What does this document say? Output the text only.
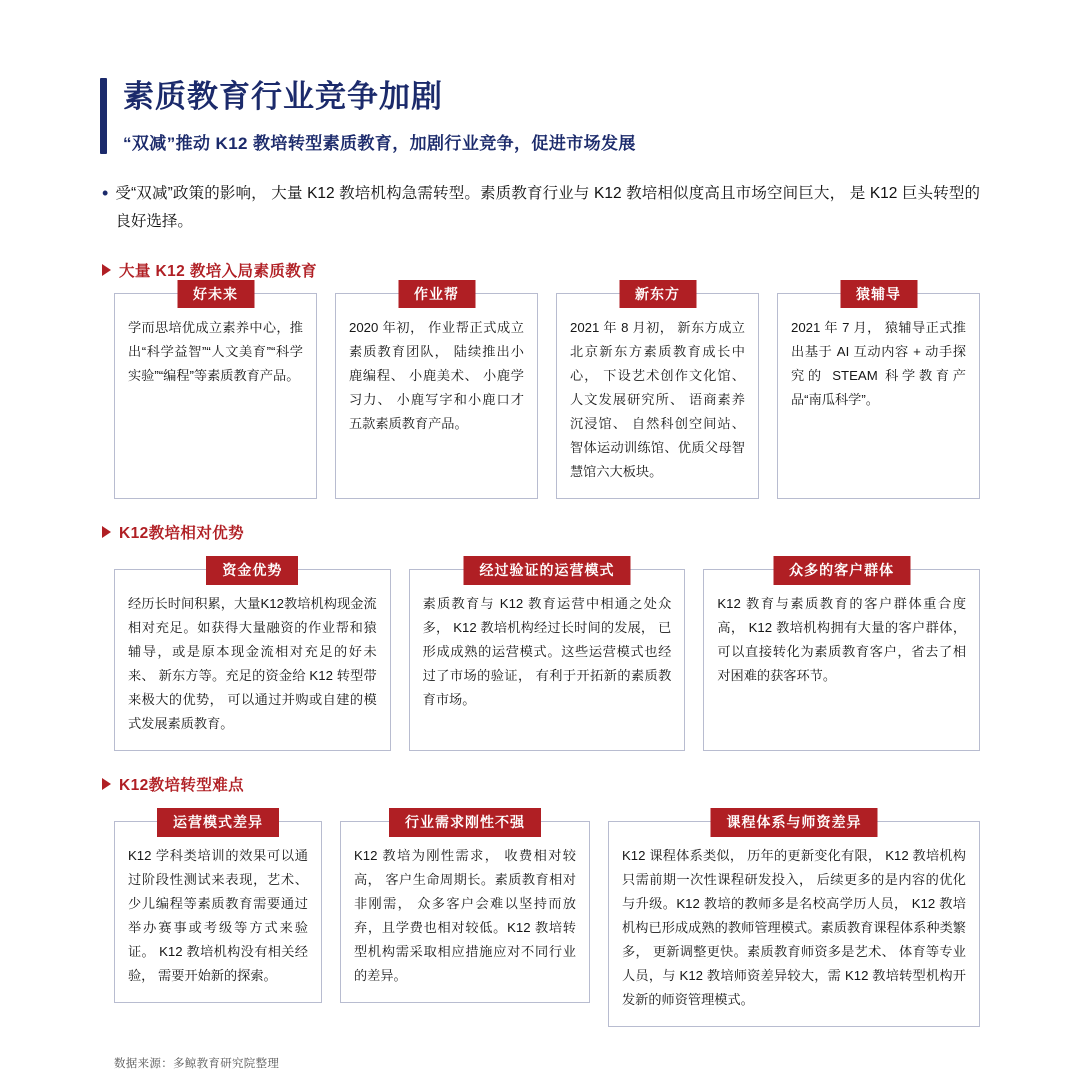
素质教育行业竞争加剧
“双减”推动 K12 教培转型素质教育，加剧行业竞争，促进市场发展
• 受“双减”政策的影响， 大量 K12 教培机构急需转型。素质教育行业与 K12 教培相似度高且市场空间巨大， 是 K12 巨头转型的良好选择。
大量 K12 教培入局素质教育
好未来
学而思培优成立素养中心，推出“科学益智”“人文美育”“科学实验”“编程”等素质教育产品。
作业帮
2020 年初， 作业帮正式成立素质教育团队， 陆续推出小鹿编程、 小鹿美术、 小鹿学习力、 小鹿写字和小鹿口才五款素质教育产品。
新东方
2021 年 8 月初， 新东方成立北京新东方素质教育成长中心， 下设艺术创作文化馆、 人文发展研究所、 语商素养沉浸馆、 自然科创空间站、 智体运动训练馆、优质父母智慧馆六大板块。
猿辅导
2021 年 7 月， 猿辅导正式推出基于 AI 互动内容 + 动手探究的 STEAM 科学教育产品“南瓜科学”。
K12教培相对优势
资金优势
经历长时间积累，大量K12教培机构现金流相对充足。如获得大量融资的作业帮和猿辅导，或是原本现金流相对充足的好未来、 新东方等。充足的资金给 K12 转型带来极大的优势， 可以通过并购或自建的模式发展素质教育。
经过验证的运营模式
素质教育与 K12 教育运营中相通之处众多， K12 教培机构经过长时间的发展， 已形成成熟的运营模式。这些运营模式也经过了市场的验证， 有利于开拓新的素质教育市场。
众多的客户群体
K12 教育与素质教育的客户群体重合度高， K12 教培机构拥有大量的客户群体，可以直接转化为素质教育客户，省去了相对困难的获客环节。
K12教培转型难点
运营模式差异
K12 学科类培训的效果可以通过阶段性测试来表现，艺术、 少儿编程等素质教育需要通过举办赛事或考级等方式来验证。 K12 教培机构没有相关经验， 需要开始新的探索。
行业需求刚性不强
K12 教培为刚性需求， 收费相对较高， 客户生命周期长。素质教育相对非刚需， 众多客户会难以坚持而放弃，且学费也相对较低。K12 教培转型机构需采取相应措施应对不同行业的差异。
课程体系与师资差异
K12 课程体系类似， 历年的更新变化有限， K12 教培机构只需前期一次性课程研发投入， 后续更多的是内容的优化与升级。K12 教培的教师多是名校高学历人员， K12 教培机构已形成成熟的教师管理模式。素质教育课程体系种类繁多， 更新调整更快。素质教育师资多是艺术、 体育等专业人员，与 K12 教培师资差异较大，需 K12 教培转型机构开发新的师资管理模式。
数据来源：多鲸教育研究院整理
